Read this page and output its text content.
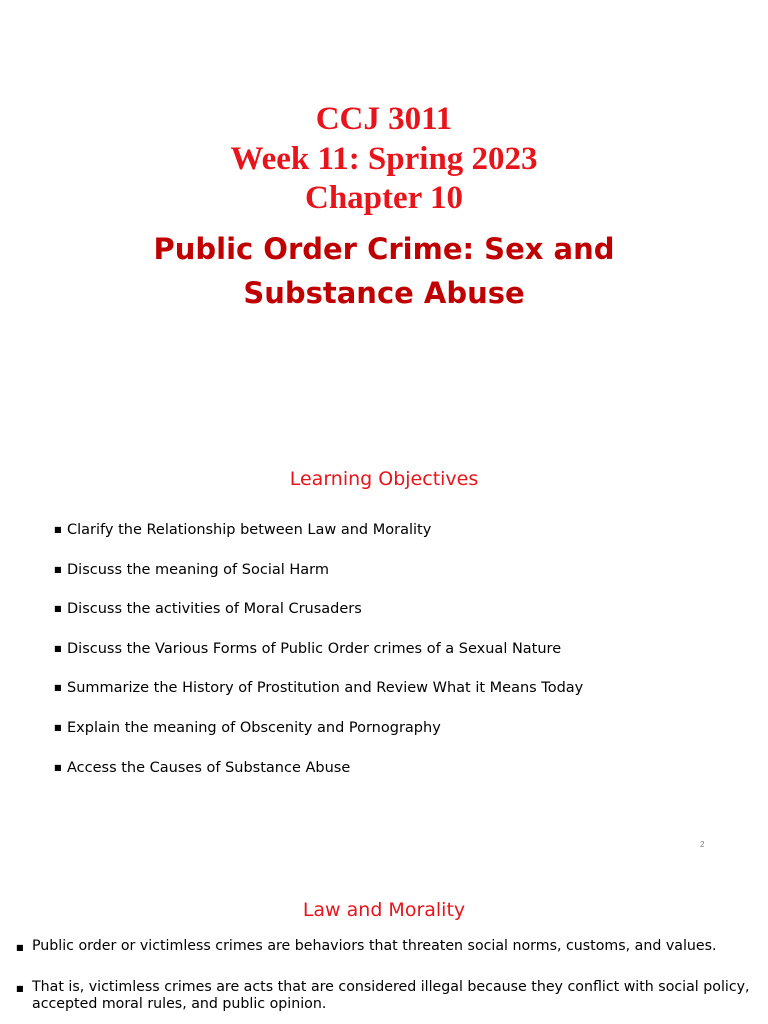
CCJ 3011
Week 11: Spring 2023
Chapter 10
Public Order Crime: Sex and
Substance Abuse
Learning Objectives
■ Clarify the Relationship between Law and Morality
■ Discuss the meaning of Social Harm
■ Discuss the activities of Moral Crusaders
■ Discuss the Various Forms of Public Order crimes of a Sexual Nature
■ Summarize the History of Prostitution and Review What it Means Today
■ Explain the meaning of Obscenity and Pornography
■ Access the Causes of Substance Abuse
2
Law and Morality
■ Public order or victimless crimes are behaviors that threaten social norms, customs, and values.
■ That is, victimless crimes are acts that are considered illegal because they conflict with social policy, accepted moral rules, and public opinion.
